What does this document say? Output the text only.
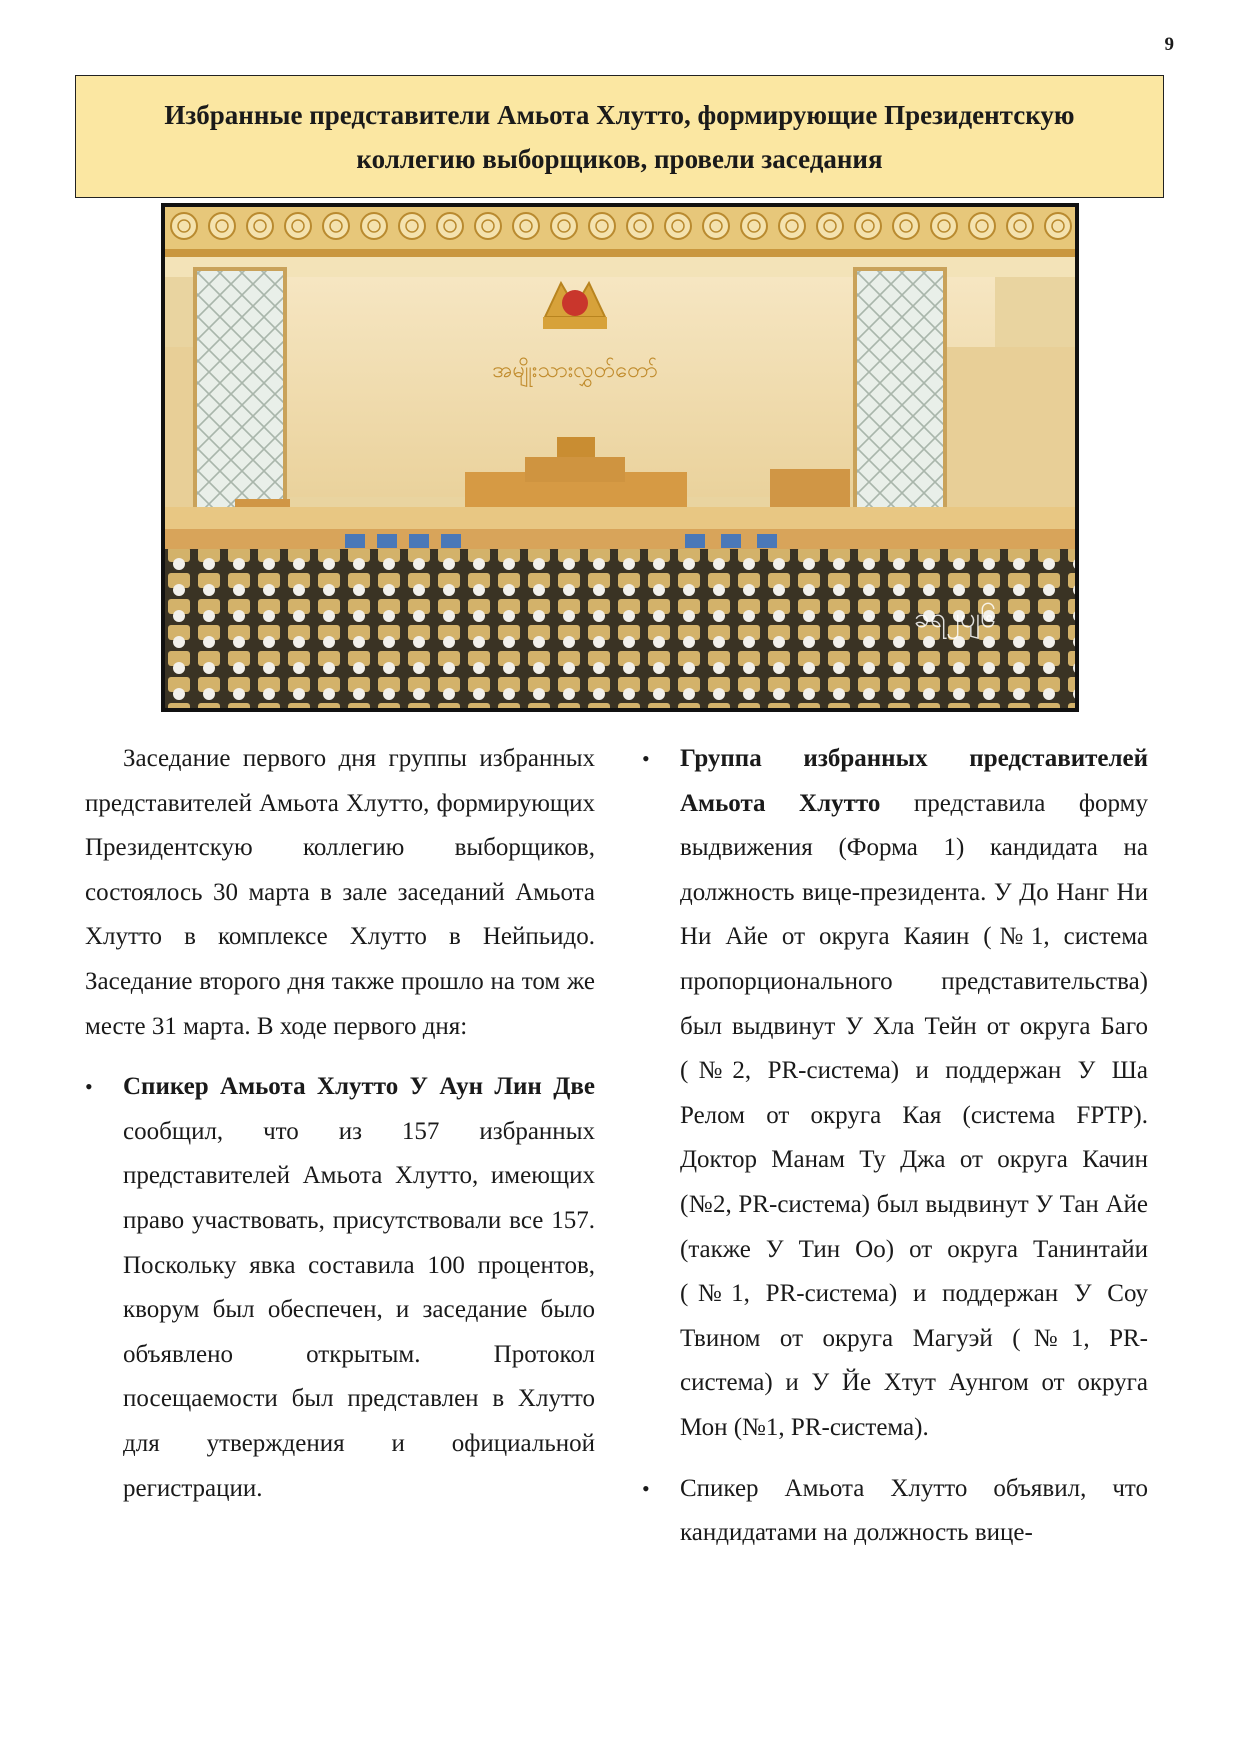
9
Избранные представители Амьота Хлутто, формирующие Президентскую
коллегию выборщиков, провели заседания
အမျိုးသားလွှတ်တော်
ခရ၂ပျ၆

Заседание первого дня группы избранных представителей Амьота Хлутто, формирующих Президентскую коллегию выборщиков, состоялось 30 марта в зале заседаний Амьота Хлутто в комплексе Хлутто в Нейпьидо. Заседание второго дня также прошло на том же месте 31 марта. В ходе первого дня:

• Спикер Амьота Хлутто У Аун Лин Две сообщил, что из 157 избранных представителей Амьота Хлутто, имеющих право участвовать, присутствовали все 157. Поскольку явка составила 100 процентов, кворум был обеспечен, и заседание было объявлено открытым. Протокол посещаемости был представлен в Хлутто для утверждения и официальной регистрации.
• Группа избранных представителей Амьота Хлутто представила форму выдвижения (Форма 1) кандидата на должность вице-президента. У До Нанг Ни Ни Айе от округа Каяин (№1, система пропорционального представительства) был выдвинут У Хла Тейн от округа Баго (№2, PR-система) и поддержан У Ша Релом от округа Кая (система FPTP). Доктор Манам Ту Джа от округа Качин (№2, PR-система) был выдвинут У Тан Айе (также У Тин Оо) от округа Танинтайи (№1, PR-система) и поддержан У Соу Твином от округа Магуэй (№1, PR-система) и У Йе Хтут Аунгом от округа Мон (№1, PR-система).
• Спикер Амьота Хлутто объявил, что кандидатами на должность вице-
